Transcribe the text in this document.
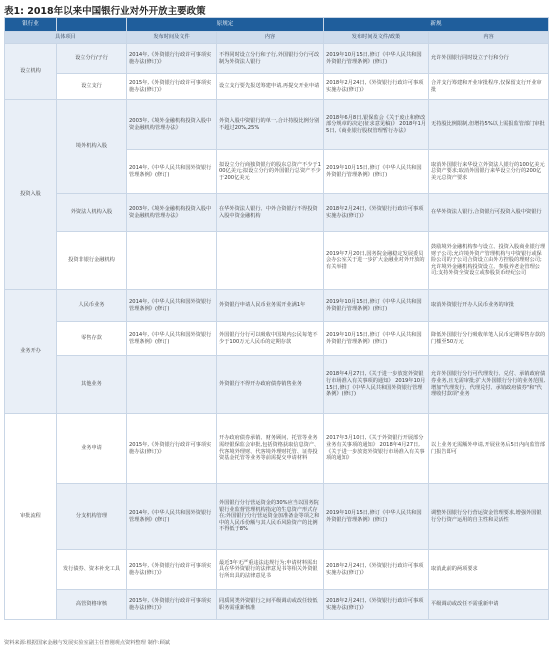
表1: 2018年以来中国银行业对外开放主要政策
银行业		原规定		新规	
具体项目		发布时间及文件	内容	发布时间及文件/政策	内容
设立机构	设立分行/子行	2014年,《外资银行行政许可事项实施办法(修订)》	不得同时设立分行和子行,外国银行分行可改制为外资法人银行	2019年10月15日,修订《中华人民共和国外资银行管理条例》(修订)	允许外国银行同时设立子行和分行
	设立支行	2015年,《外资银行行政许可事项实施办法(修订)》	设立支行要先报送筹建申请,再提交开业申请	2018年2月24日,《外资银行行政许可事项实施办法(修订)》	合并支行筹建和开业审批程序,仅保留支行开业审批
投资入股	境外机构入股	2003年,《境外金融机构投资入股中资金融机构管理办法》	外资入股中资银行的单一,合计持股比例分别不超过20%,25%	2018年6月8日,银保监会《关于废止和修改部分规章的决定(征求意见稿)》 2018年1月5日,《商业银行股权管理暂行办法》	无持股比例限制,但增持5%以上需报监管部门审批
		2014年,《中华人民共和国外资银行管理条例》(修订)	拟设立分行商独资银行的股东总资产不少于100亿美元;拟设立分行的外国银行总资产不少于200亿美元	2019年10月15日,修订《中华人民共和国外资银行管理条例》(修订)	取消外国银行来华设立外资法人银行的100亿美元总资产要求;取消外国银行来华设立分行的200亿美元总资产要求
	外资法人机构入股	2003年,《境外金融机构投资入股中资金融机构管理办法》	在华外资法人银行、中外合资银行不得投资入股中资金融机构	2018年2月24日,《外资银行行政许可事项实施办法(修订)》	在华外资法人银行,合资银行可投资入股中资银行
	投资非银行金融机构			2019年7月20日,国务院金融稳定发展委员会办公室关于进一步扩大金融业对外开放的有关举措	鼓励境外金融机构参与设立、投资入股商业银行理财子公司;允许境外资产管理机构与中资银行或保险公司的子公司合资设立由外方控股的理财公司;允许境外金融机构投资设立、参股养老金管理公司;支持外资全资设立或参股货币经纪公司
业务开办	人民币业务	2014年,《中华人民共和国外资银行管理条例》(修订)	外资银行申请人民币业务需开业满1年	2019年10月15日,修订《中华人民共和国外资银行管理条例》(修订)	取消外资银行开办人民币业务的审批
	零售存款	2014年,《中华人民共和国外资银行管理条例》(修订)	外国银行分行可以吸收中国境内公民每笔不少于100万元人民币的定期存款	2019年10月15日,修订《中华人民共和国外资银行管理条例》(修订)	降低外国银行分行吸收单笔人民币定期零售存款的门槛至50万元
	其他业务		外资银行不得开办政府债券销售业务	2018年4月27日,《关于进一步放宽外资银行市场准入有关事项的通知》 2019年10月15日,修订《中华人民共和国外资银行管理条例》(修订)	允许外国银行分行可代理发行、兑付、承销政府债券业务,且无需审批;扩大外国银行分行的业务范围,增加"代理发行、代理兑付、承销政府债券"和"代理收付款项"业务
审批流程	业务申请	2015年,《外资银行行政许可事项实施办法(修订)》	开办政府债券承销、财务顾问、托管等业务需经银保监会审批,包括资格获取信息资产、代客境外理财、代客境外理财托管、证券投资基金托管等业务等前需提交申请材料	2017年3月10日,《关于外资银行开展部分业务有关事项的通知》 2018年4月27日,《关于进一步放宽外资银行市场准入有关事项的通知》	以上业务无需额外申请,开展业务后5日内向监管部门报告即可
	分支机构管理	2014年,《中华人民共和国外资银行管理条例》(修订)	外国银行分行营运资金的30%应当以国务院银行业监督管理机构指定的生息资产形式存在;外国银行分行营运资金加准备金等项之和中的人民币份额与其人民币风险资产的比例不得低于8%	2019年10月15日,修订《中华人民共和国外资银行管理条例》(修订)	调整外国银行分行营运资金管理要求,增强外国银行分行资产运用的自主性和灵活性
	发行债券、资本补充工具	2015年,《外资银行行政许可事项实施办法(修订)》	最近3年无严重违法违规行为;申请材料需出具在华外资银行的法律意见书等相关外资银行所出具的法律意见书	2018年2月24日,《外资银行行政许可事项实施办法(修订)》	取消此前的两项要求
	高管资格审核	2015年,《外资银行行政许可事项实施办法(修订)》	同质同类外资银行之间平级调动或改任较低职务需重新核准	2018年2月24日,《外资银行行政许可事项实施办法(修订)》	平级调动或改任不需重新申请
资料来源:根据国家金融与发展实验室副主任曾刚观点资料整理 制作:顾斌
